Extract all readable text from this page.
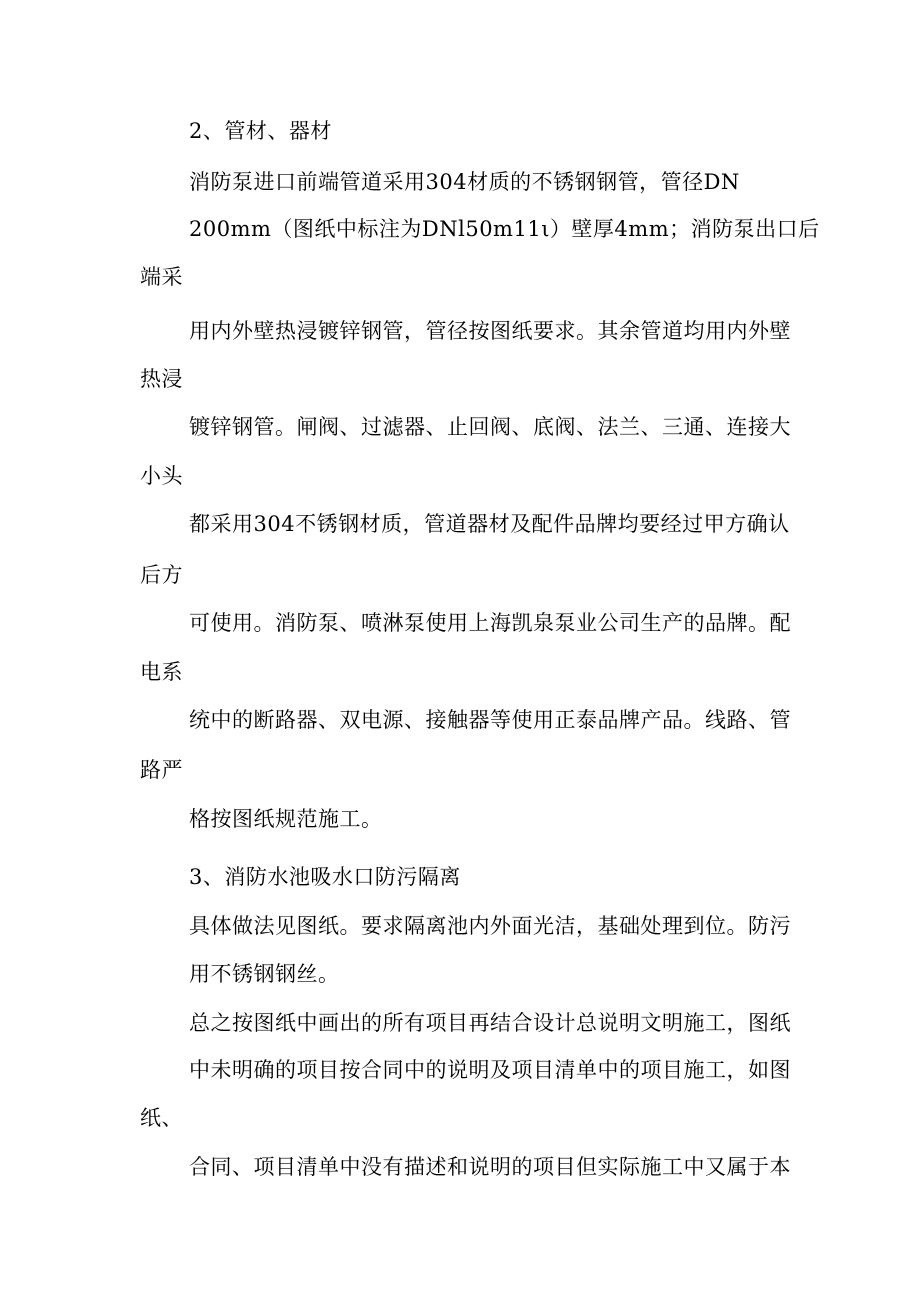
2、管材、器材
消防泵进口前端管道采用304材质的不锈钢钢管，管径DN
200mm（图纸中标注为DNl50m11ι）壁厚4mm；消防泵出口后
端采
用内外壁热浸镀锌钢管，管径按图纸要求。其余管道均用内外壁
热浸
镀锌钢管。闸阀、过滤器、止回阀、底阀、法兰、三通、连接大
小头
都采用304不锈钢材质，管道器材及配件品牌均要经过甲方确认
后方
可使用。消防泵、喷淋泵使用上海凯泉泵业公司生产的品牌。配
电系
统中的断路器、双电源、接触器等使用正泰品牌产品。线路、管
路严
格按图纸规范施工。
3、消防水池吸水口防污隔离
具体做法见图纸。要求隔离池内外面光洁，基础处理到位。防污
用不锈钢钢丝。
总之按图纸中画出的所有项目再结合设计总说明文明施工，图纸
中未明确的项目按合同中的说明及项目清单中的项目施工，如图
纸、
合同、项目清单中没有描述和说明的项目但实际施工中又属于本
